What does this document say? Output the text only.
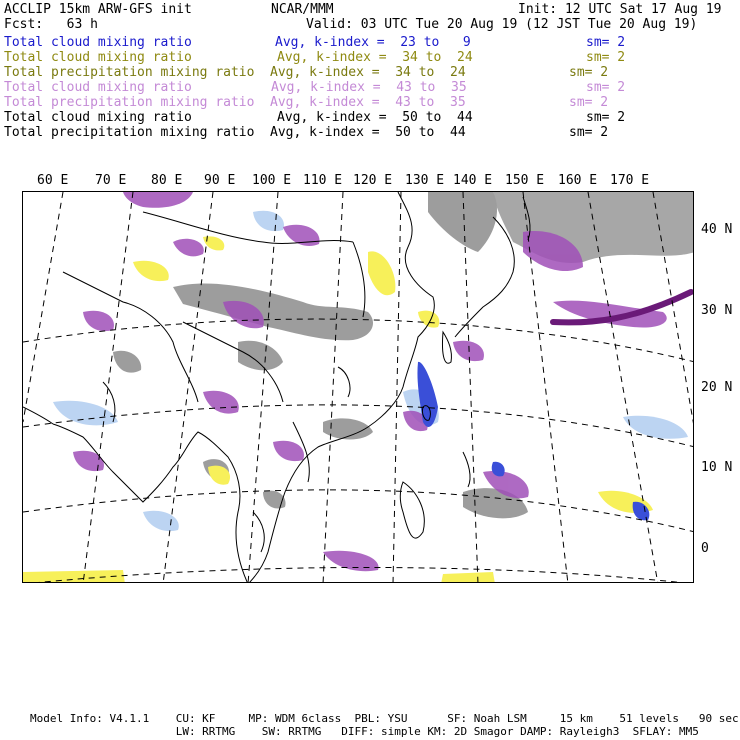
ACCLIP 15km ARW-GFS init	NCAR/MMM	Init: 12 UTC Sat 17 Aug 19
Fcst:   63 h	Valid: 03 UTC Tue 20 Aug 19 (12 JST Tue 20 Aug 19)
Total cloud mixing ratio	Avg, k-index =  23 to   9	sm= 2
Total cloud mixing ratio	Avg, k-index =  34 to  24	sm= 2
Total precipitation mixing ratio Avg, k-index =  34 to  24	sm= 2
Total cloud mixing ratio	Avg, k-index =  43 to  35	sm= 2
Total precipitation mixing ratio Avg, k-index =  43 to  35	sm= 2
Total cloud mixing ratio	Avg, k-index =  50 to  44	sm= 2
Total precipitation mixing ratio Avg, k-index =  50 to  44	sm= 2
60 E 70 E 80 E 90 E 100 E 110 E 120 E 130 E 140 E 150 E 160 E 170 E
40 N
30 N
20 N
10 N
0
Model Info: V4.1.1    CU: KF     MP: WDM 6class  PBL: YSU      SF: Noah LSM     15 km    51 levels   90 sec
LW: RRTMG    SW: RRTMG   DIFF: simple KM: 2D Smagor DAMP: Rayleigh3  SFLAY: MM5
